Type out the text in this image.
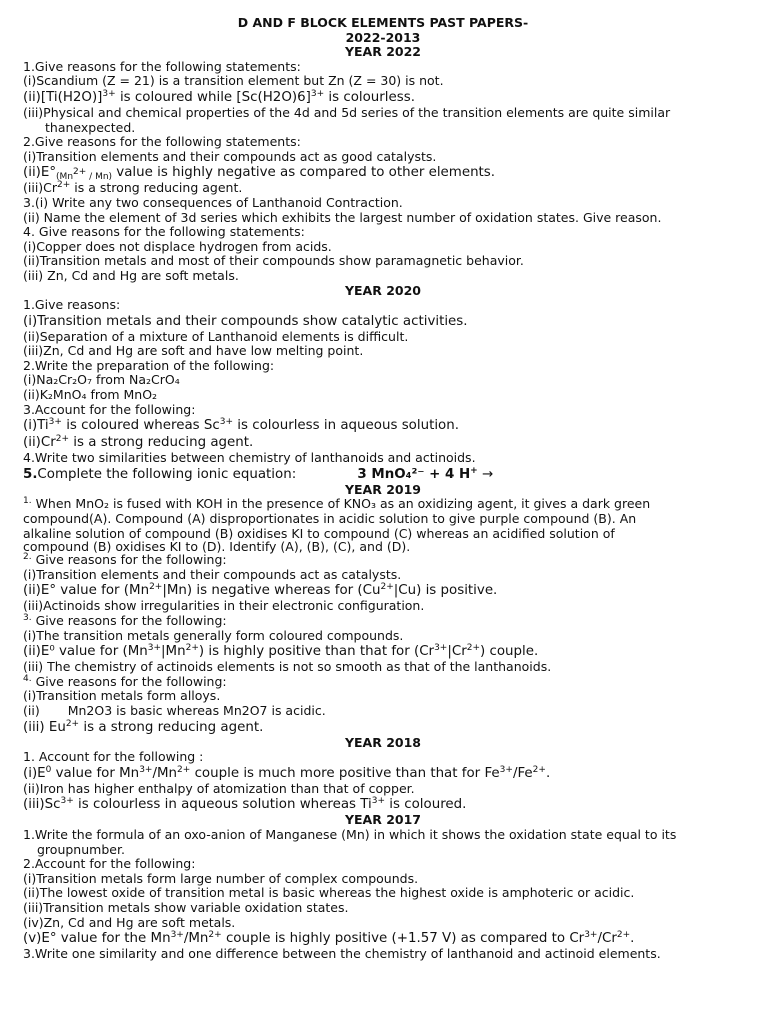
D AND F BLOCK ELEMENTS PAST PAPERS-
2022-2013
YEAR 2022
1.Give reasons for the following statements:
(i)Scandium (Z = 21) is a transition element but Zn (Z = 30) is not.
$(ii)[Ti(H2O)]^{3+}$ is coloured while $[Sc(H2O)6]^{3+}$ is colourless.
(iii)Physical and chemical properties of the 4d and 5d series of the transition elements are quite similar
thanexpected.
2.Give reasons for the following statements:
(i)Transition elements and their compounds act as good catalysts.
$(ii)E^\circ_{(Mn^{2+} / Mn)}$ value is highly negative as compared to other elements.
$(iii)Cr^{2+}$ is a strong reducing agent.
3.(i) Write any two consequences of Lanthanoid Contraction.
(ii) Name the element of 3d series which exhibits the largest number of oxidation states. Give reason.
4. Give reasons for the following statements:
(i)Copper does not displace hydrogen from acids.
(ii)Transition metals and most of their compounds show paramagnetic behavior.
(iii) Zn, Cd and Hg are soft metals.
YEAR 2020
1.Give reasons:
(i)Transition metals and their compounds show catalytic activities.
(ii)Separation of a mixture of Lanthanoid elements is difficult.
(iii)Zn, Cd and Hg are soft and have low melting point.
2.Write the preparation of the following:
(i)Na₂Cr₂O₇ from Na₂CrO₄
(ii)K₂MnO₄ from MnO₂
3.Account for the following:
$(i)Ti^{3+}$ is coloured whereas $Sc^{3+}$ is colourless in aqueous solution.
$(ii)Cr^{2+}$ is a strong reducing agent.
4.Write two similarities between chemistry of lanthanoids and actinoids.
5.Complete the following ionic equation:	3 MnO₄²⁻ + 4 H+ →
YEAR 2019
$^{1.}$ When MnO₂ is fused with KOH in the presence of KNO₃ as an oxidizing agent, it gives a dark green
compound(A). Compound (A) disproportionates in acidic solution to give purple compound (B). An
alkaline solution of compound (B) oxidises KI to compound (C) whereas an acidified solution of
compound (B) oxidises KI to (D). Identify (A), (B), (C), and (D).
$^{2.}$ Give reasons for the following:
(i)Transition elements and their compounds act as catalysts.
(ii)E° value for $(Mn^{2+}|Mn)$ is negative whereas for $(Cu^{2+}|Cu)$ is positive.
(iii)Actinoids show irregularities in their electronic configuration.
$^{3.}$ Give reasons for the following:
(i)The transition metals generally form coloured compounds.
(ii)E⁰ value for $(Mn^{3+}|Mn^{2+})$ is highly positive than that for $(Cr^{3+}|Cr^{2+})$ couple.
(iii) The chemistry of actinoids elements is not so smooth as that of the lanthanoids.
$^{4.}$ Give reasons for the following:
(i)Transition metals form alloys.
(ii) Mn2O3 is basic whereas Mn2O7 is acidic.
(iii) $Eu^{2+}$ is a strong reducing agent.
YEAR 2018
1. Account for the following :
$(i)E^0$ value for $Mn^{3+}/Mn^{2+}$ couple is much more positive than that for $Fe^{3+}/Fe^{2+}$.
(ii)Iron has higher enthalpy of atomization than that of copper.
$(iii)Sc^{3+}$ is colourless in aqueous solution whereas $Ti^{3+}$ is coloured.
YEAR 2017
1.Write the formula of an oxo-anion of Manganese (Mn) in which it shows the oxidation state equal to its
groupnumber.
2.Account for the following:
(i)Transition metals form large number of complex compounds.
(ii)The lowest oxide of transition metal is basic whereas the highest oxide is amphoteric or acidic.
(iii)Transition metals show variable oxidation states.
(iv)Zn, Cd and Hg are soft metals.
(v)E° value for the $Mn^{3+}/Mn^{2+}$ couple is highly positive (+1.57 V) as compared to $Cr^{3+}/Cr^{2+}$.
3.Write one similarity and one difference between the chemistry of lanthanoid and actinoid elements.
